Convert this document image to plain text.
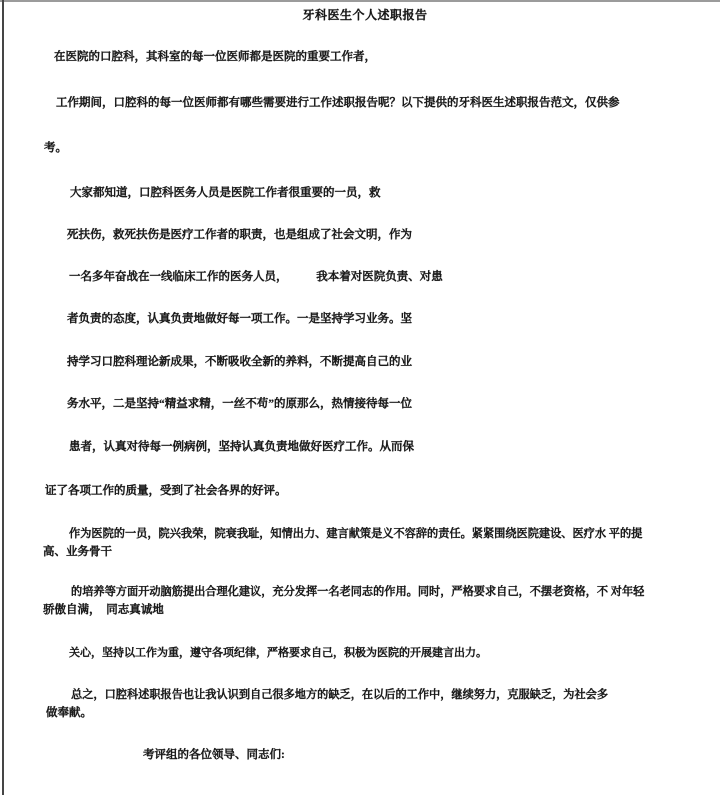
牙科医生个人述职报告
在医院的口腔科，其科室的每一位医师都是医院的重要工作者，
工作期间，口腔科的每一位医师都有哪些需要进行工作述职报告呢？以下提供的牙科医生述职报告范文，仅供参
考。
大家都知道，口腔科医务人员是医院工作者很重要的一员，救
死扶伤，救死扶伤是医疗工作者的职责，也是组成了社会文明，作为
一名多年奋战在一线临床工作的医务人员，　　　我本着对医院负责、对患
者负责的态度，认真负责地做好每一项工作。一是坚持学习业务。坚
持学习口腔科理论新成果，不断吸收全新的养料，不断提高自己的业
务水平，二是坚持“精益求精，一丝不苟”的原那么，热情接待每一位
患者，认真对待每一例病例，坚持认真负责地做好医疗工作。从而保
证了各项工作的质量，受到了社会各界的好评。
作为医院的一员，院兴我荣，院衰我耻，知情出力、建言献策是义不容辞的责任。紧紧围绕医院建设、医疗水 平的提
高、业务骨干
的培养等方面开动脑筋提出合理化建议，充分发挥一名老同志的作用。同时，严格要求自己，不摆老资格，不 对年轻
骄傲自满，　同志真诚地
关心，坚持以工作为重，遵守各项纪律，严格要求自己，积极为医院的开展建言出力。
总之，口腔科述职报告也让我认识到自己很多地方的缺乏，在以后的工作中，继续努力，克服缺乏，为社会多
做奉献。
考评组的各位领导、同志们:
